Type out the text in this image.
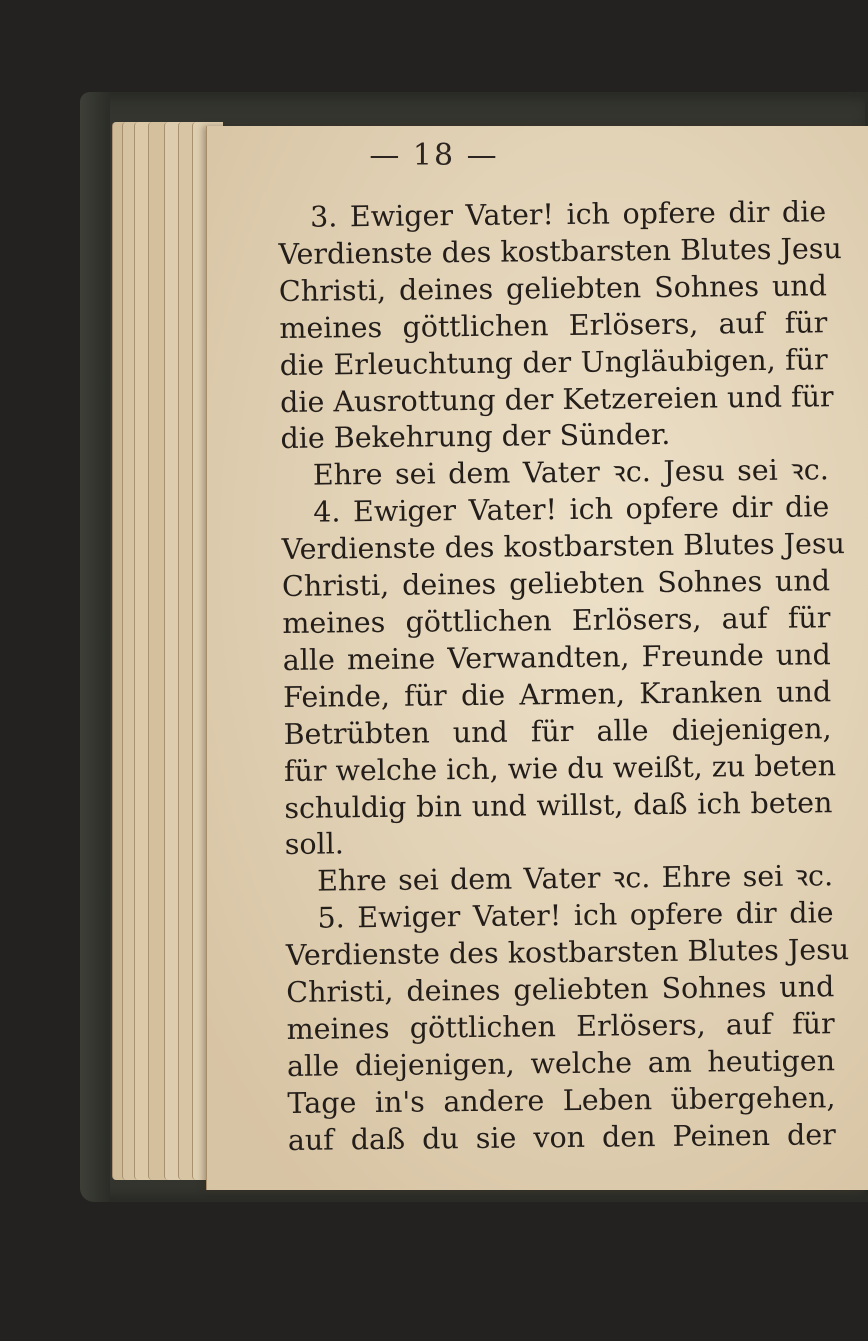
— 18 —
3. Ewiger Vater! ich opfere dir die
Verdienste des kostbarsten Blutes Jesu
Christi, deines geliebten Sohnes und
meines göttlichen Erlösers, auf für
die Erleuchtung der Ungläubigen, für
die Ausrottung der Ketzereien und für
die Bekehrung der Sünder.
Ehre sei dem Vater ꝛc. Jesu sei ꝛc.
4. Ewiger Vater! ich opfere dir die
Verdienste des kostbarsten Blutes Jesu
Christi, deines geliebten Sohnes und
meines göttlichen Erlösers, auf für
alle meine Verwandten, Freunde und
Feinde, für die Armen, Kranken und
Betrübten und für alle diejenigen,
für welche ich, wie du weißt, zu beten
schuldig bin und willst, daß ich beten
soll.
Ehre sei dem Vater ꝛc. Ehre sei ꝛc.
5. Ewiger Vater! ich opfere dir die
Verdienste des kostbarsten Blutes Jesu
Christi, deines geliebten Sohnes und
meines göttlichen Erlösers, auf für
alle diejenigen, welche am heutigen
Tage in's andere Leben übergehen,
auf daß du sie von den Peinen der
